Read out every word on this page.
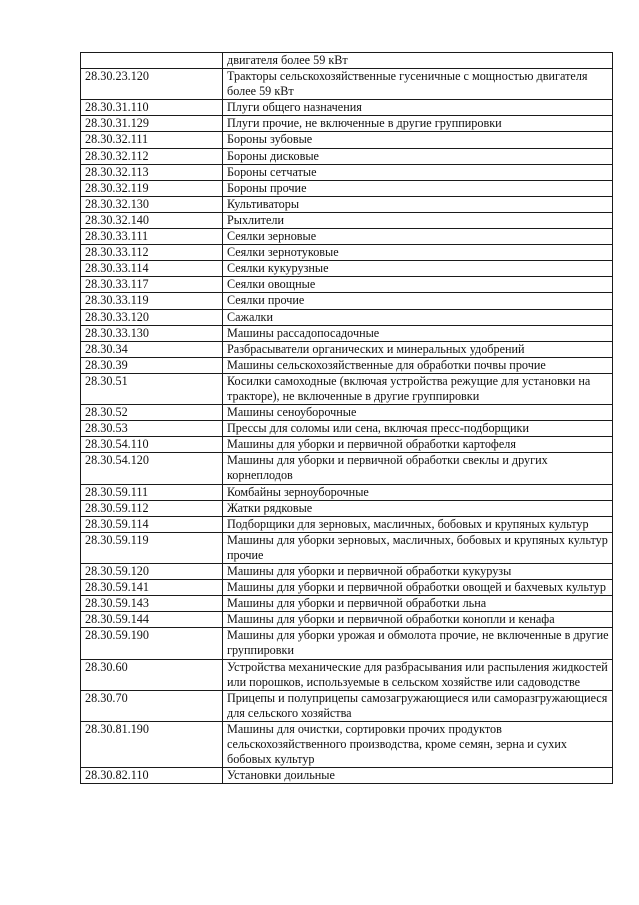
	двигателя более 59 кВт
28.30.23.120	Тракторы сельскохозяйственные гусеничные с мощностью двигателя более 59 кВт
28.30.31.110	Плуги общего назначения
28.30.31.129	Плуги прочие, не включенные в другие группировки
28.30.32.111	Бороны зубовые
28.30.32.112	Бороны дисковые
28.30.32.113	Бороны сетчатые
28.30.32.119	Бороны прочие
28.30.32.130	Культиваторы
28.30.32.140	Рыхлители
28.30.33.111	Сеялки зерновые
28.30.33.112	Сеялки зернотуковые
28.30.33.114	Сеялки кукурузные
28.30.33.117	Сеялки овощные
28.30.33.119	Сеялки прочие
28.30.33.120	Сажалки
28.30.33.130	Машины рассадопосадочные
28.30.34	Разбрасыватели органических и минеральных удобрений
28.30.39	Машины сельскохозяйственные для обработки почвы прочие
28.30.51	Косилки самоходные (включая устройства режущие для установки на тракторе), не включенные в другие группировки
28.30.52	Машины сеноуборочные
28.30.53	Прессы для соломы или сена, включая пресс-подборщики
28.30.54.110	Машины для уборки и первичной обработки картофеля
28.30.54.120	Машины для уборки и первичной обработки свеклы и других корнеплодов
28.30.59.111	Комбайны зерноуборочные
28.30.59.112	Жатки рядковые
28.30.59.114	Подборщики для зерновых, масличных, бобовых и крупяных культур
28.30.59.119	Машины для уборки зерновых, масличных, бобовых и крупяных культур прочие
28.30.59.120	Машины для уборки и первичной обработки кукурузы
28.30.59.141	Машины для уборки и первичной обработки овощей и бахчевых культур
28.30.59.143	Машины для уборки и первичной обработки льна
28.30.59.144	Машины для уборки и первичной обработки конопли и кенафа
28.30.59.190	Машины для уборки урожая и обмолота прочие, не включенные в другие группировки
28.30.60	Устройства механические для разбрасывания или распыления жидкостей или порошков, используемые в сельском хозяйстве или садоводстве
28.30.70	Прицепы и полуприцепы самозагружающиеся или саморазгружающиеся для сельского хозяйства
28.30.81.190	Машины для очистки, сортировки прочих продуктов сельскохозяйственного производства, кроме семян, зерна и сухих бобовых культур
28.30.82.110	Установки доильные
